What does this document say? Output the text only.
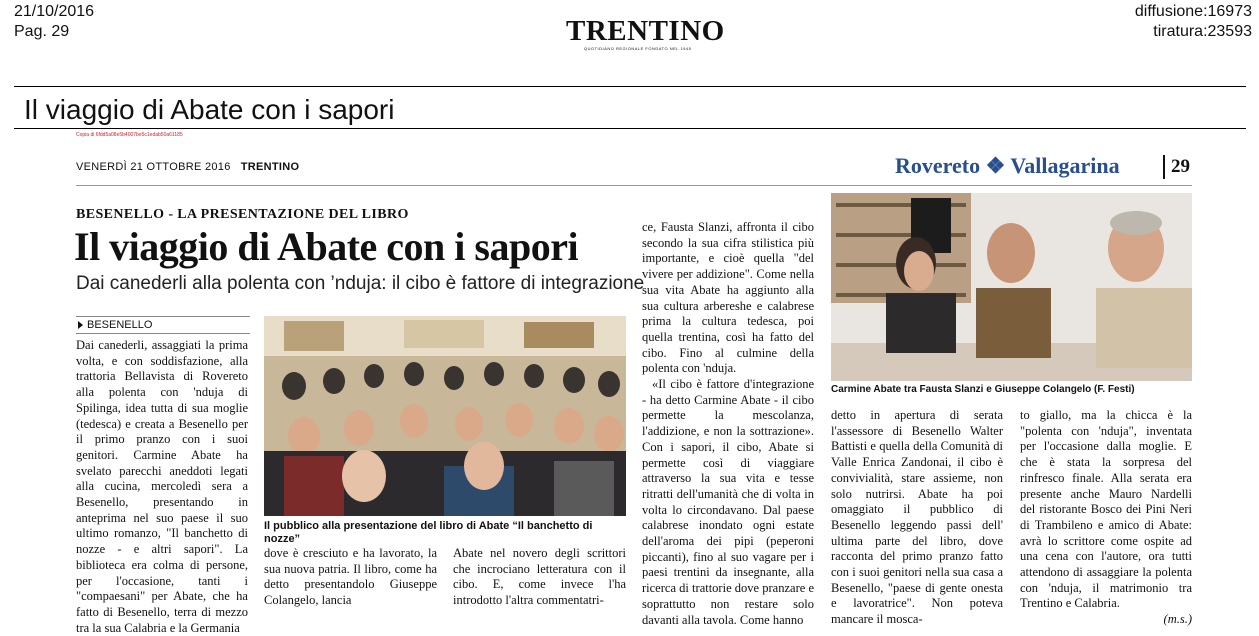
21/10/2016
Pag. 29	TRENTINO
QUOTIDIANO REGIONALE FONDATO NEL 1945
diffusione:16973
tiratura:23593
Il viaggio di Abate con i sapori
Copia di 6fdd5a08e5b4007be5c1edab50a61185
VENERDÌ 21 OTTOBRE 2016 TRENTINO	Rovereto ❖ Vallagarina	29
BESENELLO - LA PRESENTAZIONE DEL LIBRO
Il viaggio di Abate con i sapori
Dai canederli alla polenta con ’nduja: il cibo è fattore di integrazione
BESENELLO
Dai canederli, assaggiati la prima volta, e con soddisfazione, alla trattoria Bellavista di Rovereto alla polenta con 'nduja di Spilinga, idea tutta di sua moglie (tedesca) e creata a Besenello per il primo pranzo con i suoi genitori. Carmine Abate ha svelato parecchi aneddoti legati alla cucina, mercoledì sera a Besenello, presentando in anteprima nel suo paese il suo ultimo romanzo, "Il banchetto di nozze - e altri sapori". La biblioteca era colma di persone, per l'occasione, tanti i "compaesani" per Abate, che ha fatto di Besenello, terra di mezzo tra la sua Calabria e la Germania
Il pubblico alla presentazione del libro di Abate “Il banchetto di nozze”
dove è cresciuto e ha lavorato, la sua nuova patria. Il libro, come ha detto presentandolo Giuseppe Colangelo, lancia
Abate nel novero degli scrittori che incrociano letteratura con il cibo. E, come invece l'ha introdotto l'altra commentatri-
ce, Fausta Slanzi, affronta il cibo secondo la sua cifra stilistica più importante, e cioè quella "del vivere per addizione". Come nella sua vita Abate ha aggiunto alla sua cultura arbereshe e calabrese prima la cultura tedesca, poi quella trentina, così ha fatto del cibo. Fino al culmine della polenta con 'nduja.
«Il cibo è fattore d'integrazione - ha detto Carmine Abate - il cibo permette la mescolanza, l'addizione, e non la sottrazione». Con i sapori, il cibo, Abate si permette così di viaggiare attraverso la sua vita e tesse ritratti dell'umanità che di volta in volta lo circondavano. Dal paese calabrese inondato ogni estate dell'aroma dei pipi (peperoni piccanti), fino al suo vagare per i paesi trentini da insegnante, alla ricerca di trattorie dove pranzare e soprattutto non restare solo davanti alla tavola. Come hanno
Carmine Abate tra Fausta Slanzi e Giuseppe Colangelo (F. Festi)
detto in apertura di serata l'assessore di Besenello Walter Battisti e quella della Comunità di Valle Enrica Zandonai, il cibo è convivialità, stare assieme, non solo nutrirsi. Abate ha poi omaggiato il pubblico di Besenello leggendo passi dell' ultima parte del libro, dove racconta del primo pranzo fatto con i suoi genitori nella sua casa a Besenello, "paese di gente onesta e lavoratrice". Non poteva mancare il mosca-
to giallo, ma la chicca è la "polenta con 'nduja", inventata per l'occasione dalla moglie. E che è stata la sorpresa del rinfresco finale. Alla serata era presente anche Mauro Nardelli del ristorante Bosco dei Pini Neri di Trambileno e amico di Abate: avrà lo scrittore come ospite ad una cena con l'autore, ora tutti attendono di assaggiare la polenta con 'nduja, il matrimonio tra Trentino e Calabria.
(m.s.)
